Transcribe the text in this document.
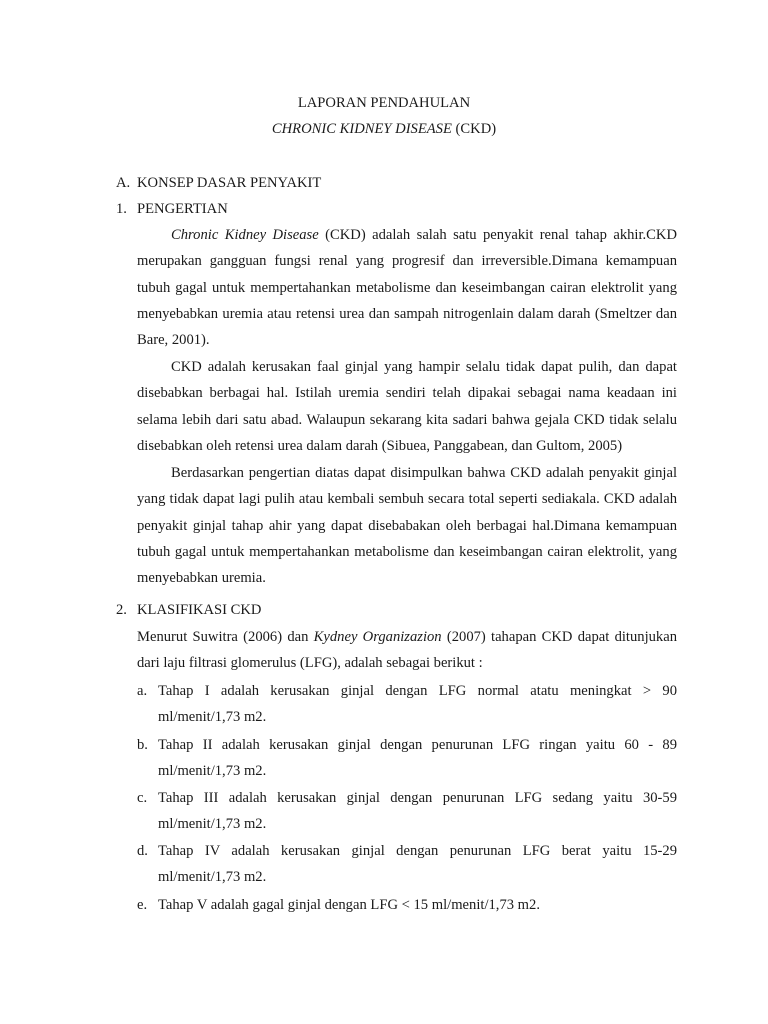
LAPORAN PENDAHULAN
CHRONIC KIDNEY DISEASE (CKD)
A. KONSEP DASAR PENYAKIT
1. PENGERTIAN

Chronic Kidney Disease (CKD) adalah salah satu penyakit renal tahap akhir.CKD merupakan gangguan fungsi renal yang progresif dan irreversible.Dimana kemampuan tubuh gagal untuk mempertahankan metabolisme dan keseimbangan cairan elektrolit yang menyebabkan uremia atau retensi urea dan sampah nitrogenlain dalam darah (Smeltzer dan Bare, 2001).

CKD adalah kerusakan faal ginjal yang hampir selalu tidak dapat pulih, dan dapat disebabkan berbagai hal. Istilah uremia sendiri telah dipakai sebagai nama keadaan ini selama lebih dari satu abad. Walaupun sekarang kita sadari bahwa gejala CKD tidak selalu disebabkan oleh retensi urea dalam darah (Sibuea, Panggabean, dan Gultom, 2005)

Berdasarkan pengertian diatas dapat disimpulkan bahwa CKD adalah penyakit ginjal yang tidak dapat lagi pulih atau kembali sembuh secara total seperti sediakala. CKD adalah penyakit ginjal tahap ahir yang dapat disebabakan oleh berbagai hal.Dimana kemampuan tubuh gagal untuk mempertahankan metabolisme dan keseimbangan cairan elektrolit, yang menyebabkan uremia.

2. KLASIFIKASI CKD

Menurut Suwitra (2006) dan Kydney Organizazion (2007) tahapan CKD dapat ditunjukan dari laju filtrasi glomerulus (LFG), adalah sebagai berikut :

a. Tahap I adalah kerusakan ginjal dengan LFG normal atatu meningkat > 90 ml/menit/1,73 m2.
b. Tahap II adalah kerusakan ginjal dengan penurunan LFG ringan yaitu 60 - 89 ml/menit/1,73 m2.
c. Tahap III adalah kerusakan ginjal dengan penurunan LFG sedang yaitu 30-59 ml/menit/1,73 m2.
d. Tahap IV adalah kerusakan ginjal dengan penurunan LFG berat yaitu 15-29 ml/menit/1,73 m2.
e. Tahap V adalah gagal ginjal dengan LFG < 15 ml/menit/1,73 m2.
